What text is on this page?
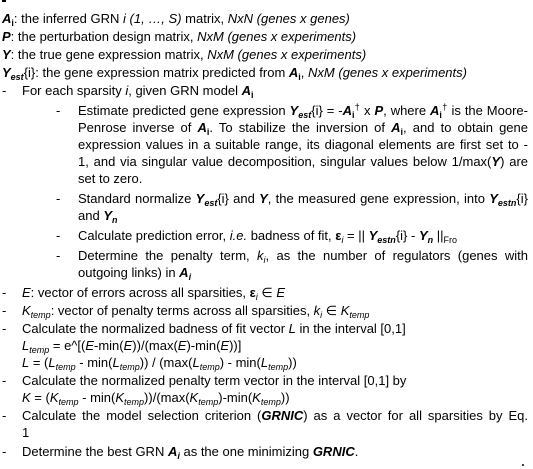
$A_i$: the inferred GRN i (1, …, S) matrix, NxN (genes x genes)
P: the perturbation design matrix, NxM (genes x experiments)
Y: the true gene expression matrix, NxM (genes x experiments)
$Y_{est}\{i\}$: the gene expression matrix predicted from $A_i$, NxM (genes x experiments)
- For each sparsity i, given GRN model $A_i$
- Estimate predicted gene expression $Y_{est}\{i\} = -A_i^\dagger$ x P, where $A_i^\dagger$ is the Moore-
Penrose inverse of $A_i$. To stabilize the inversion of $A_i$, and to obtain gene
expression values in a suitable range, its diagonal elements are first set to -
1, and via singular value decomposition, singular values below 1/max(Y) are
set to zero.
- Standard normalize $Y_{est}\{i\}$ and Y, the measured gene expression, into $Y_{estn}\{i\}$
and $Y_n$
- Calculate prediction error, i.e. badness of fit, $\varepsilon_i$ = || $Y_{estn}\{i\} - Y_n$ $||_{Fro}$
- Determine the penalty term, $k_i$, as the number of regulators (genes with
outgoing links) in $A_i$
- E: vector of errors across all sparsities, $\varepsilon_i$ ∈ E
- $K_{temp}$: vector of penalty terms across all sparsities, $k_i$ ∈ $K_{temp}$
- Calculate the normalized badness of fit vector L in the interval [0,1]
$L_{temp}$ = e^[(E-min(E))/(max(E)-min(E))]
$L = (L_{temp} - \min(L_{temp})) / (\max(L_{temp}) - \min(L_{temp}))$
- Calculate the normalized penalty term vector in the interval [0,1] by
$K = (K_{temp} - \min(K_{temp}))/(\max(K_{temp})-\min(K_{temp}))$
- Calculate the model selection criterion (GRNIC) as a vector for all sparsities by Eq.
1
- Determine the best GRN $A_i$ as the one minimizing GRNIC.
